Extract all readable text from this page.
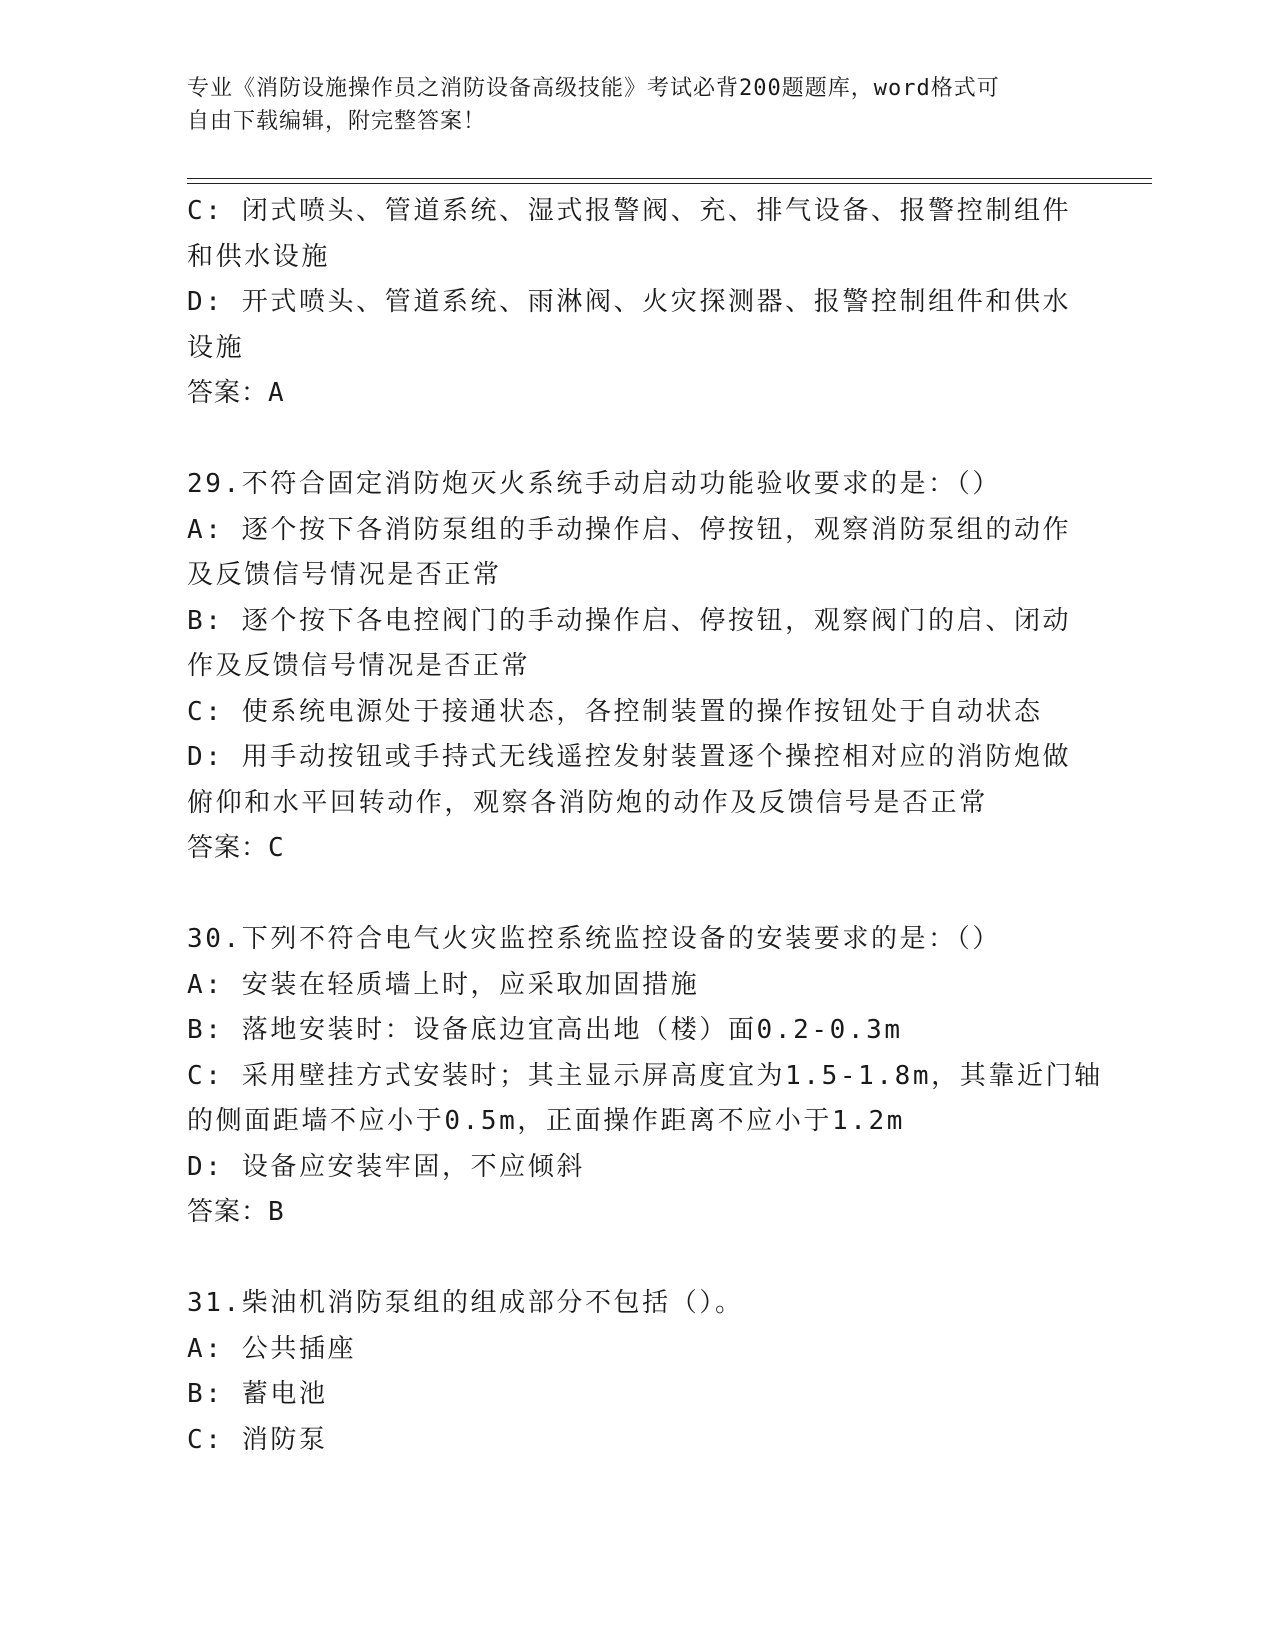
专业《消防设施操作员之消防设备高级技能》考试必背200题题库，word格式可
自由下载编辑，附完整答案！
C: 闭式喷头、管道系统、湿式报警阀、充、排气设备、报警控制组件
和供水设施
D: 开式喷头、管道系统、雨淋阀、火灾探测器、报警控制组件和供水
设施
答案：A
29.不符合固定消防炮灭火系统手动启动功能验收要求的是：（）
A: 逐个按下各消防泵组的手动操作启、停按钮，观察消防泵组的动作
及反馈信号情况是否正常
B: 逐个按下各电控阀门的手动操作启、停按钮，观察阀门的启、闭动
作及反馈信号情况是否正常
C: 使系统电源处于接通状态，各控制装置的操作按钮处于自动状态
D: 用手动按钮或手持式无线遥控发射装置逐个操控相对应的消防炮做
俯仰和水平回转动作，观察各消防炮的动作及反馈信号是否正常
答案：C
30.下列不符合电气火灾监控系统监控设备的安装要求的是：（）
A: 安装在轻质墙上时，应采取加固措施
B: 落地安装时：设备底边宜高出地（楼）面0.2-0.3m
C: 采用壁挂方式安装时；其主显示屏高度宜为1.5-1.8m，其靠近门轴
的侧面距墙不应小于0.5m，正面操作距离不应小于1.2m
D: 设备应安装牢固，不应倾斜
答案：B
31.柴油机消防泵组的组成部分不包括（）。
A: 公共插座
B: 蓄电池
C: 消防泵
